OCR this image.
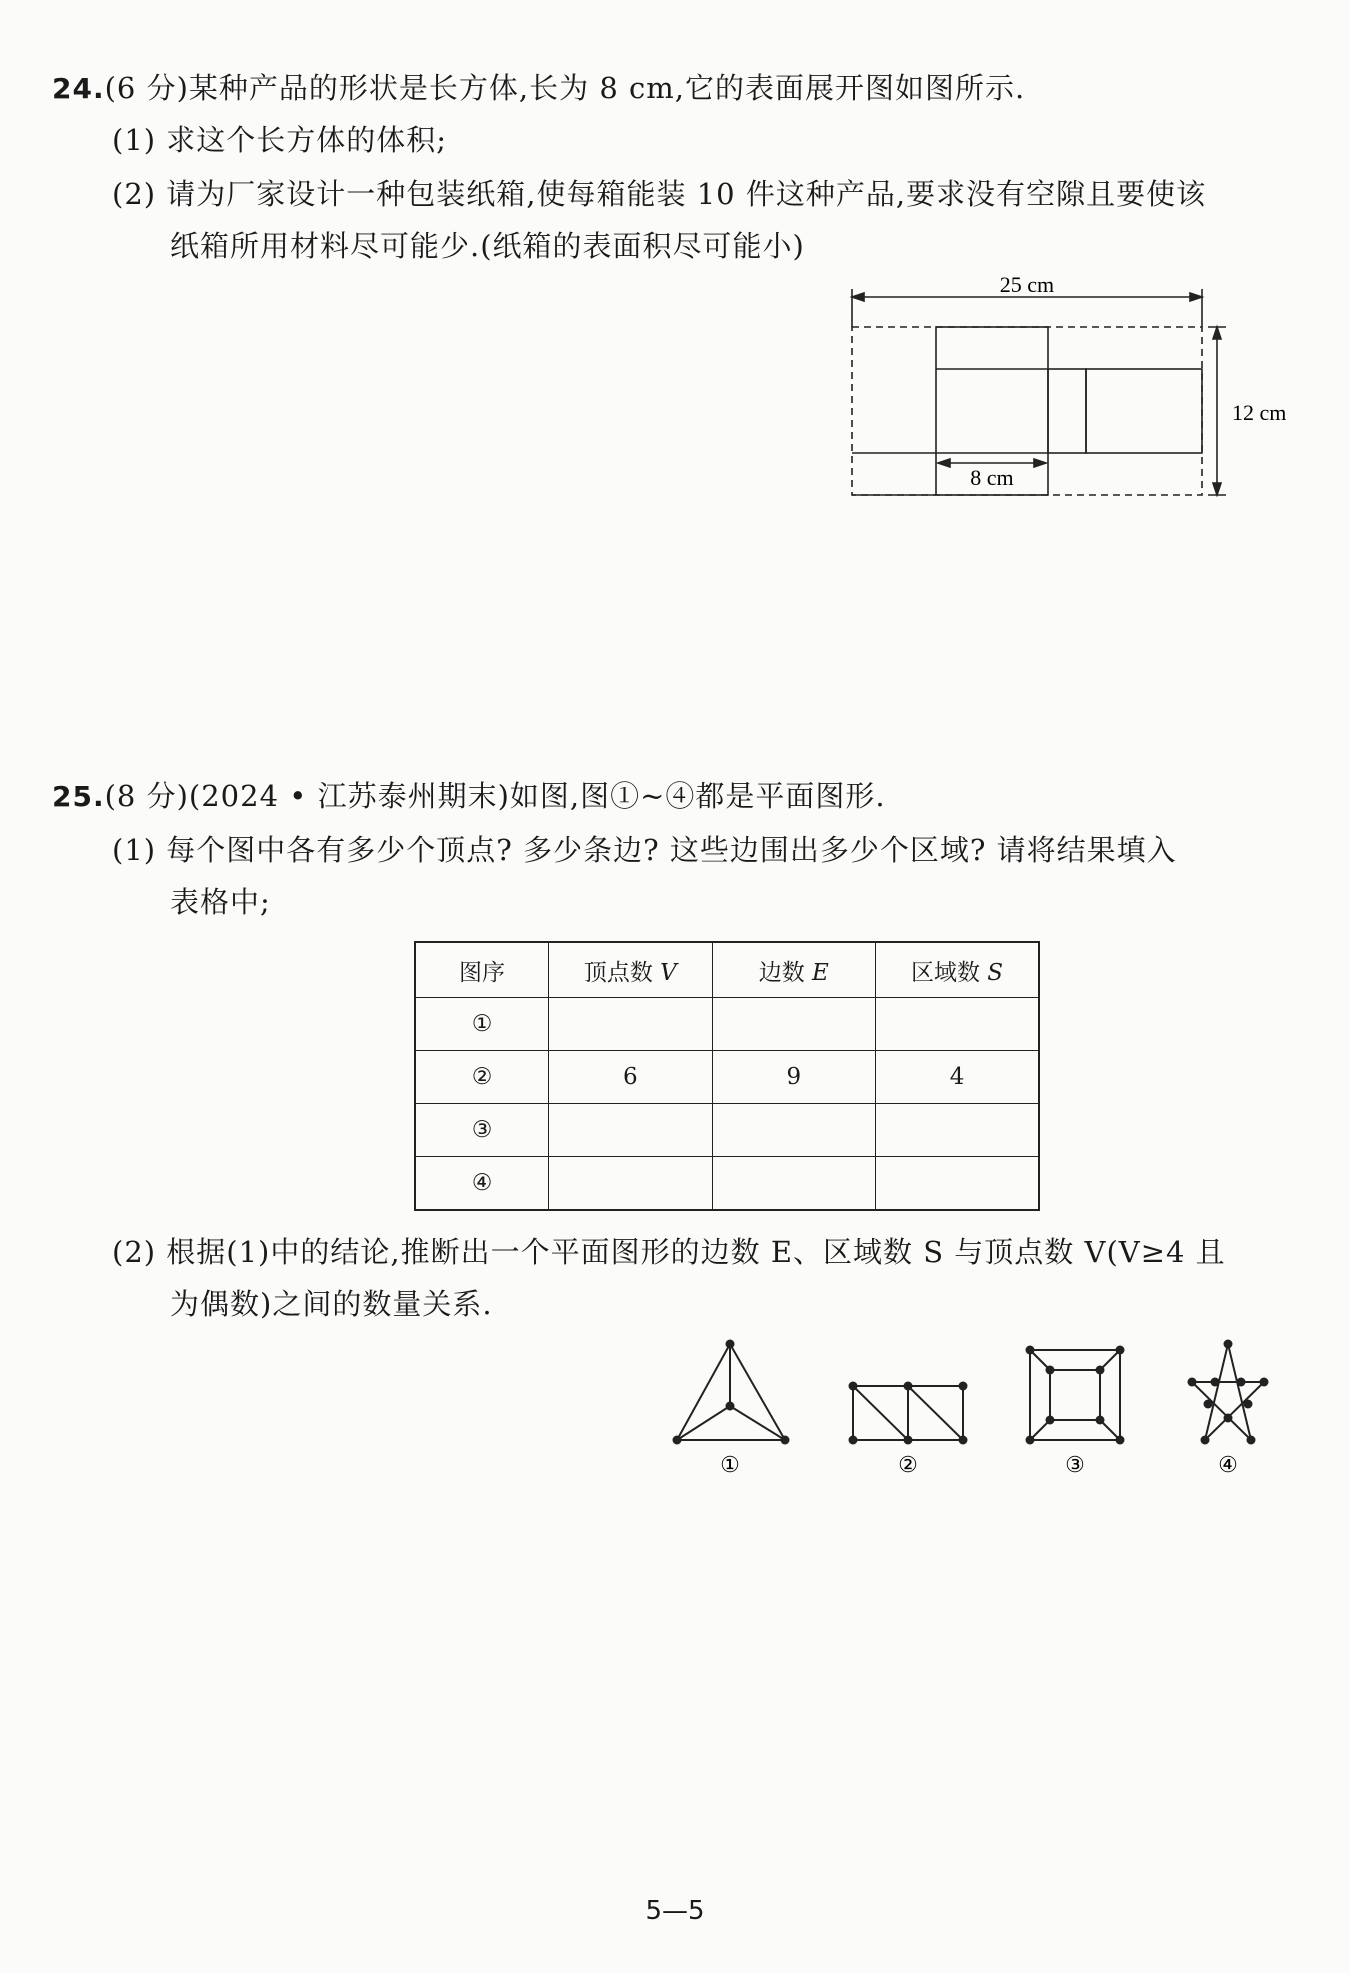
24.(6 分)某种产品的形状是长方体,长为 8 cm,它的表面展开图如图所示.
(1) 求这个长方体的体积;
(2) 请为厂家设计一种包装纸箱,使每箱能装 10 件这种产品,要求没有空隙且要使该
纸箱所用材料尽可能少.(纸箱的表面积尽可能小)
25 cm
12 cm
8 cm
25.(8 分)(2024 • 江苏泰州期末)如图,图①~④都是平面图形.
(1) 每个图中各有多少个顶点? 多少条边? 这些边围出多少个区域? 请将结果填入
表格中;
图序	顶点数 V	边数 E	区域数 S
①			
②	6	9	4
③			
④			
(2) 根据(1)中的结论,推断出一个平面图形的边数 E、区域数 S 与顶点数 V(V≥4 且
为偶数)之间的数量关系.
①	②	③	④
5—5
